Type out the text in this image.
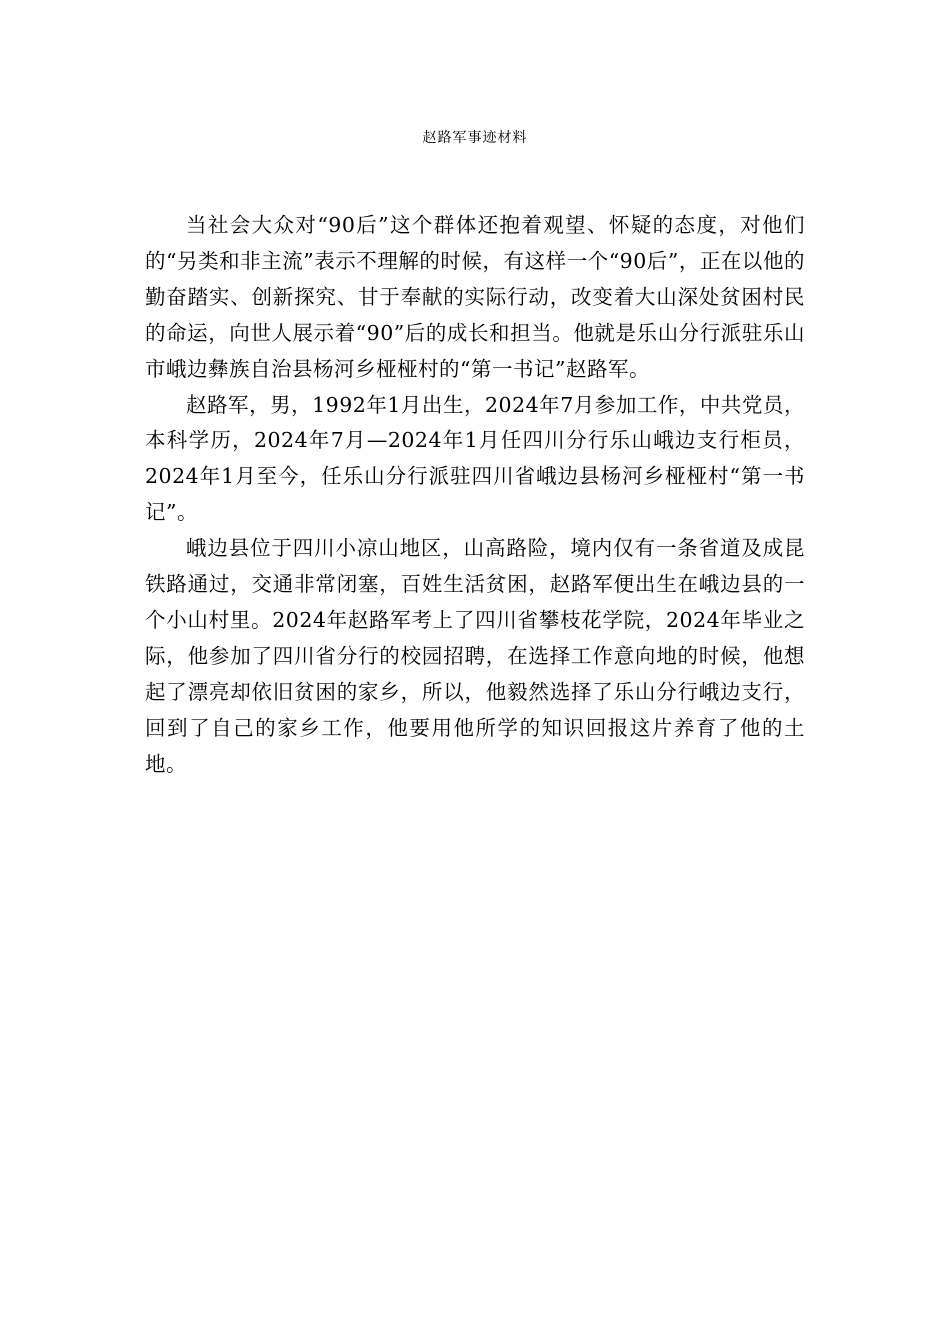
赵路军事迹材料

当社会大众对“90后”这个群体还抱着观望、怀疑的态度，对他们的“另类和非主流”表示不理解的时候，有这样一个“90后”，正在以他的勤奋踏实、创新探究、甘于奉献的实际行动，改变着大山深处贫困村民的命运，向世人展示着“90”后的成长和担当。他就是乐山分行派驻乐山市峨边彝族自治县杨河乡桠桠村的“第一书记”赵路军。

赵路军，男，1992年1月出生，2024年7月参加工作，中共党员，本科学历，2024年7月—2024年1月任四川分行乐山峨边支行柜员，2024年1月至今，任乐山分行派驻四川省峨边县杨河乡桠桠村“第一书记”。

峨边县位于四川小凉山地区，山高路险，境内仅有一条省道及成昆铁路通过，交通非常闭塞，百姓生活贫困，赵路军便出生在峨边县的一个小山村里。2024年赵路军考上了四川省攀枝花学院，2024年毕业之际，他参加了四川省分行的校园招聘，在选择工作意向地的时候，他想起了漂亮却依旧贫困的家乡，所以，他毅然选择了乐山分行峨边支行，回到了自己的家乡工作，他要用他所学的知识回报这片养育了他的土地。
